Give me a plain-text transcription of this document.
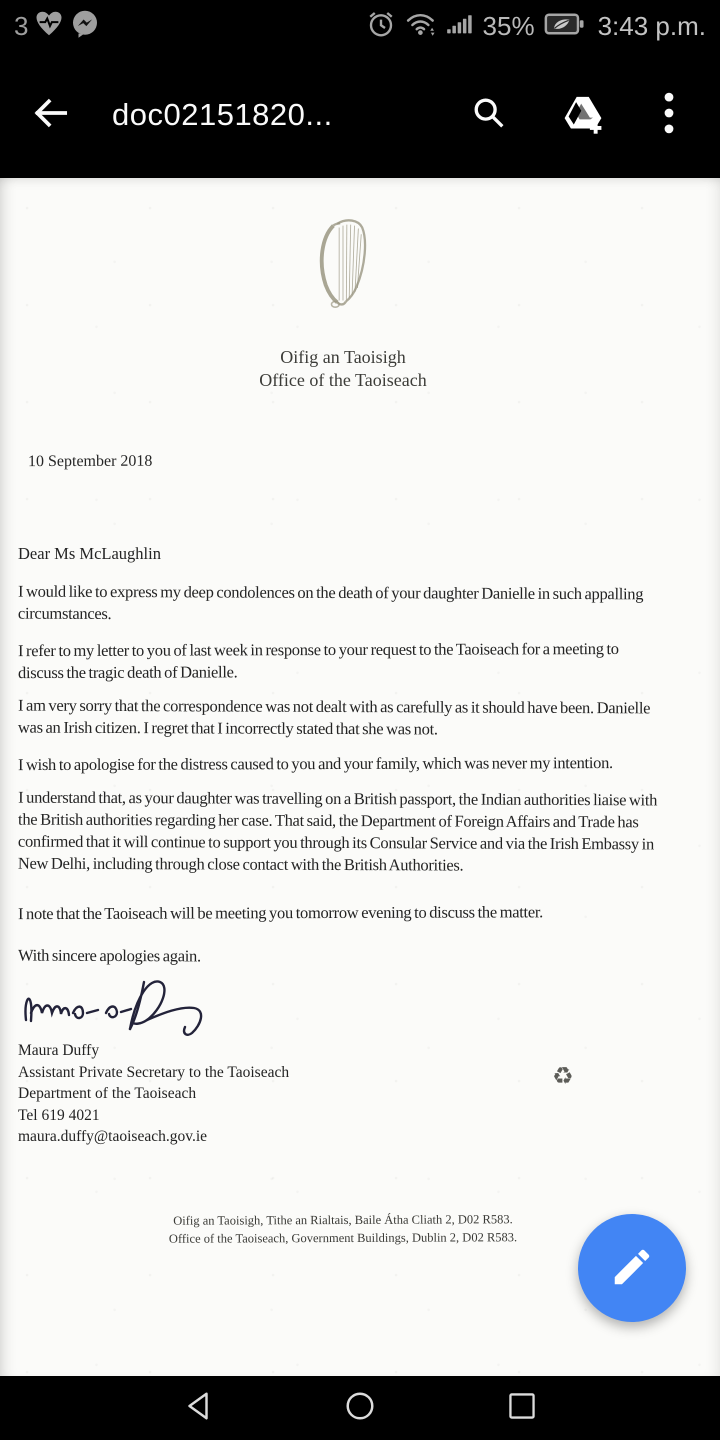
3	35% 3:43 p.m.
doc02151820...
Oifig an Taoisigh
Office of the Taoiseach
10 September 2018
Dear Ms McLaughlin

I would like to express my deep condolences on the death of your daughter Danielle in such appalling circumstances.

I refer to my letter to you of last week in response to your request to the Taoiseach for a meeting to discuss the tragic death of Danielle.

I am very sorry that the correspondence was not dealt with as carefully as it should have been. Danielle was an Irish citizen. I regret that I incorrectly stated that she was not.

I wish to apologise for the distress caused to you and your family, which was never my intention.

I understand that, as your daughter was travelling on a British passport, the Indian authorities liaise with the British authorities regarding her case. That said, the Department of Foreign Affairs and Trade has confirmed that it will continue to support you through its Consular Service and via the Irish Embassy in New Delhi, including through close contact with the British Authorities.

I note that the Taoiseach will be meeting you tomorrow evening to discuss the matter.

With sincere apologies again.

Maura Duffy
Assistant Private Secretary to the Taoiseach
Department of the Taoiseach
Tel 619 4021
maura.duffy@taoiseach.gov.ie
Oifig an Taoisigh, Tithe an Rialtais, Baile Átha Cliath 2, D02 R583.
Office of the Taoiseach, Government Buildings, Dublin 2, D02 R583.
♻
